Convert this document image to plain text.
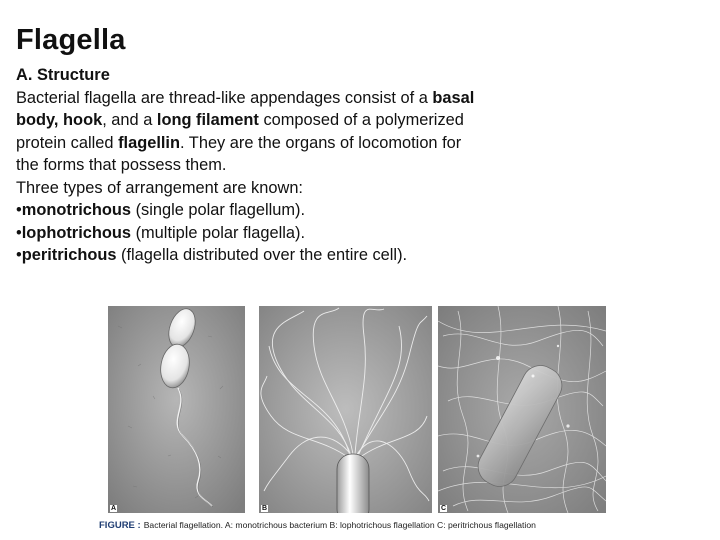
Flagella
A. Structure
Bacterial flagella are thread-like appendages consist of a basal
body, hook, and a long filament composed of a polymerized
protein called flagellin. They are the organs of locomotion for
the forms that possess them.
Three types of arrangement are known:
•monotrichous (single polar flagellum).
•lophotrichous (multiple polar flagella).
•peritrichous (flagella distributed over the entire cell).
A	B	C
FIGURE : Bacterial flagellation. A: monotrichous bacterium B: lophotrichous flagellation C: peritrichous flagellation
